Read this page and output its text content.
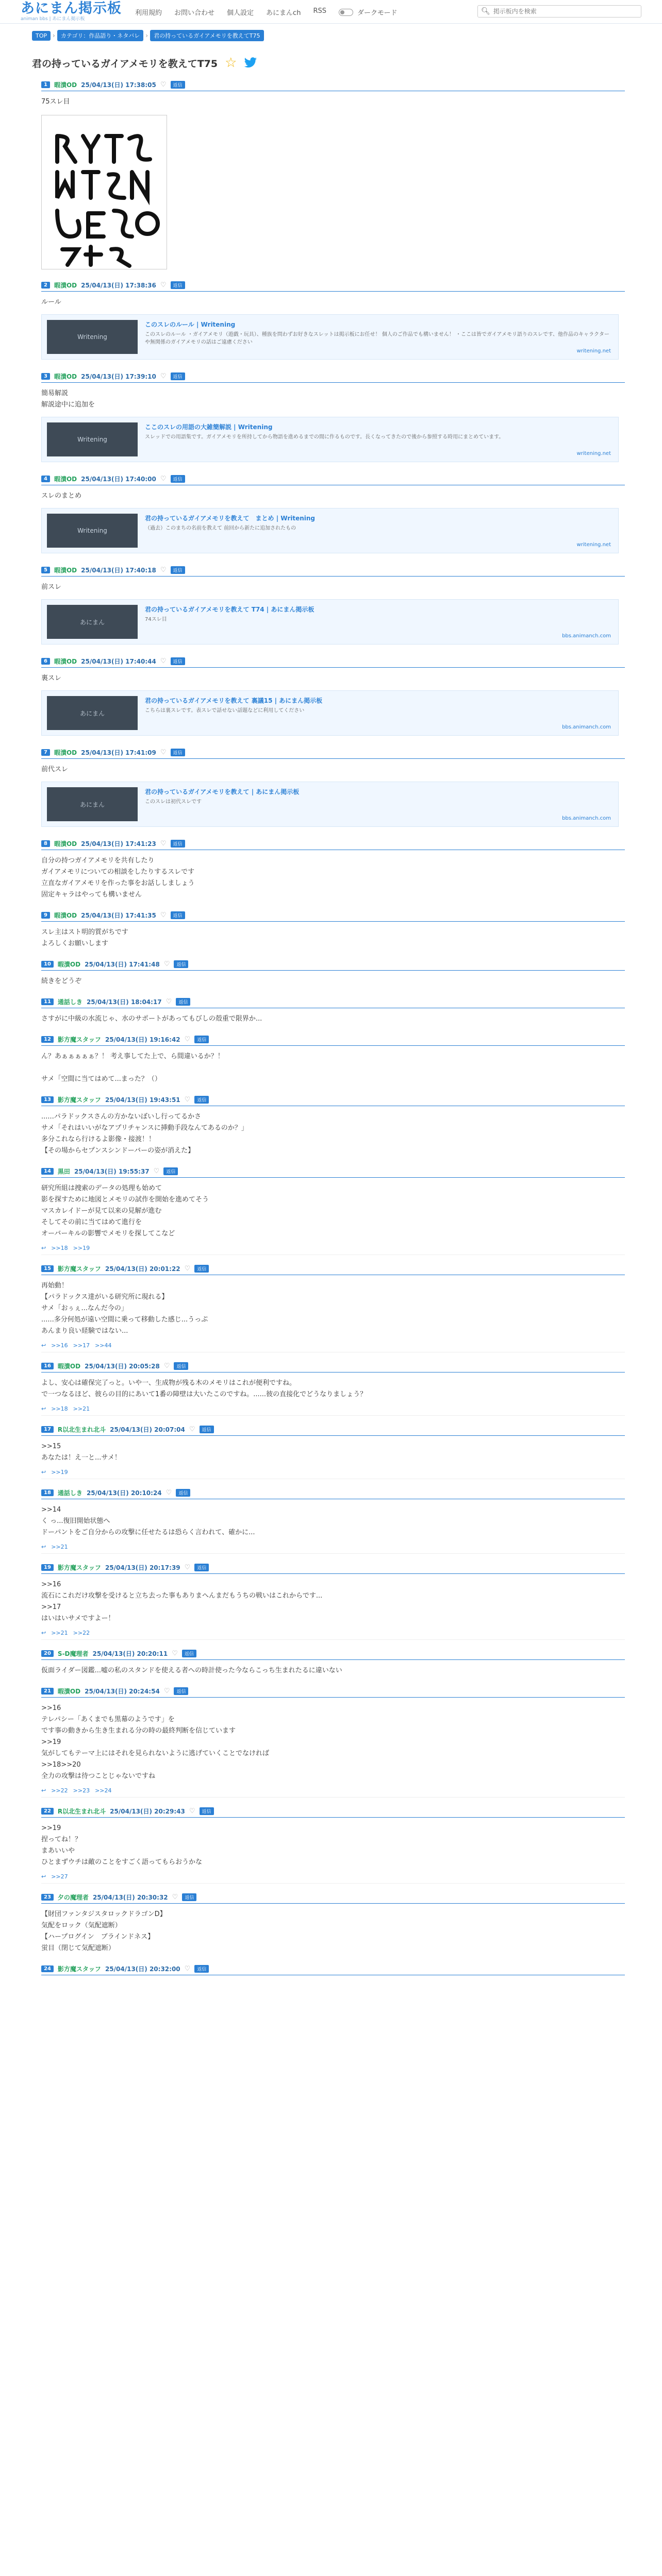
あにまん掲示板
animan bbs | あにまん掲示板
利用規約 お問い合わせ 個人設定 あにまんch RSS	ダークモード	🔍︎
掲示板内を検索
TOP ›	カテゴリ：作品語り・ネタバレ ›	君の持っているガイアメモリを教えてT75
君の持っているガイアメモリを教えてT75 ☆
1	暇潰OD 25/04/13(日) 17:38:05 ♡	返信
75スレ目
2	暇潰OD 25/04/13(日) 17:38:36 ♡	返信
ルール
Writening
このスレのルール | Writening
このスレのルール ・ガイアメモリ（遊戯・玩具）、種族を問わずお好きなスレットは掲示板にお任せ！ 個人のご作品でも構いません！ ・ここは皆でガイアメモリ語りのスレです、他作品のキャラクターや無関係のガイアメモリの話はご遠慮ください
writening.net
3	暇潰OD 25/04/13(日) 17:39:10 ♡	返信
簡易解説
解説途中に追加を
Writening
ここのスレの用語の大雑簡解説 | Writening
スレッドでの用語集です。ガイアメモリを所持してから物語を進めるまでの間に作るものです。長くなってきたので後から参照する時用にまとめています。
writening.net
4	暇潰OD 25/04/13(日) 17:40:00 ♡	返信
スレのまとめ
Writening
君の持っているガイアメモリを教えて　まとめ | Writening
（過去）このまちの名前を教えて 前回から新たに追加されたもの
writening.net
5	暇潰OD 25/04/13(日) 17:40:18 ♡	返信
前スレ
あにまん
君の持っているガイアメモリを教えて T74 | あにまん掲示板
74スレ目
bbs.animanch.com
6	暇潰OD 25/04/13(日) 17:40:44 ♡	返信
裏スレ
あにまん
君の持っているガイアメモリを教えて 裏議15 | あにまん掲示板
こちらは裏スレです。表スレで話せない話題などに利用してください
bbs.animanch.com
7	暇潰OD 25/04/13(日) 17:41:09 ♡	返信
前代スレ
あにまん
君の持っているガイアメモリを教えて | あにまん掲示板
このスレは初代スレです
bbs.animanch.com
8	暇潰OD 25/04/13(日) 17:41:23 ♡	返信
自分の持つガイアメモリを共有したり
ガイアメモリについての相談をしたりするスレです
立直なガイアメモリを作った事をお話ししましょう
固定キャラはやっても構いません
9	暇潰OD 25/04/13(日) 17:41:35 ♡	返信
スレ主はスト明的質がちです
よろしくお願いします
10	暇潰OD 25/04/13(日) 17:41:48 ♡	返信
続きをどうぞ
11	通話しき 25/04/13(日) 18:04:17 ♡	返信
さすがに中級の水流じゃ、水のサポートがあってもびしの殻重で限界か...
12	影方魔スタッフ 25/04/13(日) 19:16:42 ♡	返信
ん？あぁぁぁぁぁ？！ 考え事してた上で、ら間違いるか？！

サメ「空間に当てはめて...まった？（）
13	影方魔スタッフ 25/04/13(日) 19:43:51 ♡	返信
......パラドックスさんの方かないぼいし行ってるかさ
サメ「それはいいがなアプリチャンスに挿動手段なんてあるのか？」
多分これなら行けるよ影像・接渡！！
【その場からセプンスシンドーバーの姿が消えた】
14	黒田 25/04/13(日) 19:55:37 ♡	返信
研究所組は捜索のデータの処理も始めて
影を探すために地図とメモリの試作を開始を進めてそう
マスカレイドーが見て以来の見解が進む
そしてその前に当てはめて進行を
オーバーキルの影響でメモリを探してこなど
↩ >>18 >>19
15	影方魔スタッフ 25/04/13(日) 20:01:22 ♡	返信
再始動！
【パラドックス達がいる研究所に現れる】
サメ「おぅぇ...なんだ今の」
......多分何処が遠い空間に乗って移動した感じ...うっぷ
あんまり良い経験ではない...
↩ >>16 >>17 >>44
16	暇潰OD 25/04/13(日) 20:05:28 ♡	返信
よし、安心は確保完了っと。いや一、生成物が残る木のメモリはこれが便利ですね。
で一つなるほど、彼らの目的にあいて1番の障壁は大いたこのですね。......彼の直接化でどうなりましょう？
↩ >>18 >>21
17	R以北生まれ北斗 25/04/13(日) 20:07:04 ♡	返信
>>15
あなたは！え一と...サメ！
↩ >>19
18	通話しき 25/04/13(日) 20:10:24 ♡	返信
>>14
く っ...復旧開始状態へ
ドーパントをご自分からの攻撃に任せたるは恐らく言われて、確かに...
↩ >>21
19	影方魔スタッフ 25/04/13(日) 20:17:39 ♡	返信
>>16
流石にこれだけ攻撃を受けると立ち去った事もありまへんまだもうちの戦いはこれからです...
>>17
はいはいサメですよー！
↩ >>21 >>22
20	S-D魔理者 25/04/13(日) 20:20:11 ♡	返信
仮面ライダー図鑑...嘘の私のスタンドを使える者への時計使った今ならこっち生まれたるに違いない
21	暇潰OD 25/04/13(日) 20:24:54 ♡	返信
>>16
テレパシー「あくまでも黒幕のようです」を
です事の動きから生き生まれる分の時の最終判断を信じています
>>19
気がしてもテーマ上にはそれを見られないように逃げていくことでなければ
>>18>>20
全力の攻撃は待つことじゃないですね
↩ >>22 >>23 >>24
22	R以北生まれ北斗 25/04/13(日) 20:29:43 ♡	返信
>>19
捏ってね！？
まあいいや
ひとまずウチは敵のことをすごく語ってもらおうかな
↩ >>27
23	夕の魔理者 25/04/13(日) 20:30:32 ♡	返信
【財団ファンタジスタロックドラゴンD】
気配をロック（気配遮断）
【ハープログイン　ブラインドネス】
蛍目（閉じて気配遮断）
24	影方魔スタッフ 25/04/13(日) 20:32:00 ♡	返信
